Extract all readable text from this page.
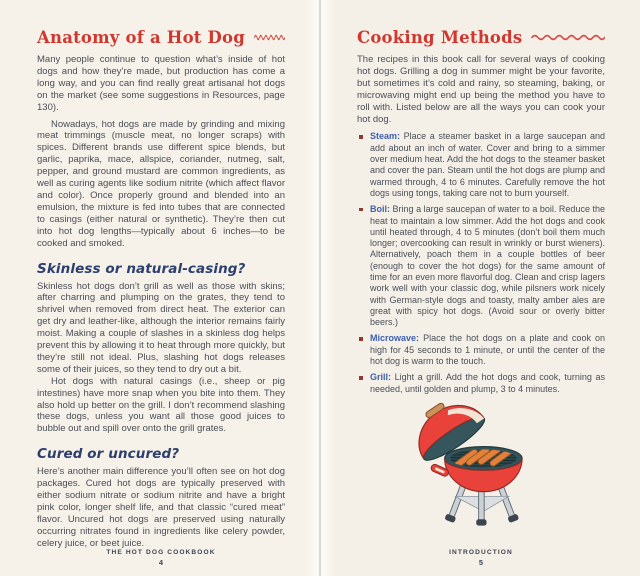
Anatomy of a Hot Dog

Many people continue to question what’s inside of hot dogs and how they’re made, but production has come a long way, and you can find really great artisanal hot dogs on the market (see some suggestions in Resources, page 130).

Nowadays, hot dogs are made by grinding and mixing meat trimmings (muscle meat, no longer scraps) with spices. Different brands use different spice blends, but garlic, paprika, mace, allspice, coriander, nutmeg, salt, pepper, and ground mustard are common ingredients, as well as curing agents like sodium nitrite (which affect flavor and color). Once properly ground and blended into an emulsion, the mixture is fed into tubes that are connected to casings (either natural or synthetic). They’re then cut into hot dog lengths—typically about 6 inches—to be cooked and smoked.

Skinless or natural-casing?

Skinless hot dogs don’t grill as well as those with skins; after charring and plumping on the grates, they tend to shrivel when removed from direct heat. The exterior can get dry and leather-like, although the interior remains fairly moist. Making a couple of slashes in a skinless dog helps prevent this by allowing it to heat through more quickly, but they’re still not ideal. Plus, slashing hot dogs releases some of their juices, so they tend to dry out a bit.

Hot dogs with natural casings (i.e., sheep or pig intestines) have more snap when you bite into them. They also hold up better on the grill. I don’t recommend slashing these dogs, unless you want all those good juices to bubble out and spill over onto the grill grates.

Cured or uncured?

Here’s another main difference you’ll often see on hot dog packages. Cured hot dogs are typically preserved with either sodium nitrate or sodium nitrite and have a bright pink color, longer shelf life, and that classic “cured meat” flavor. Uncured hot dogs are preserved using naturally occurring nitrates found in ingredients like celery powder, celery juice, or beet juice.

THE HOT DOG COOKBOOK
4
Cooking Methods

The recipes in this book call for several ways of cooking hot dogs. Grilling a dog in summer might be your favorite, but sometimes it’s cold and rainy, so steaming, baking, or microwaving might end up being the method you have to roll with. Listed below are all the ways you can cook your hot dog.

Steam: Place a steamer basket in a large saucepan and add about an inch of water. Cover and bring to a simmer over medium heat. Add the hot dogs to the steamer basket and cover the pan. Steam until the hot dogs are plump and warmed through, 4 to 6 minutes. Carefully remove the hot dogs using tongs, taking care not to burn yourself.
Boil: Bring a large saucepan of water to a boil. Reduce the heat to maintain a low simmer. Add the hot dogs and cook until heated through, 4 to 5 minutes (don’t boil them much longer; overcooking can result in wrinkly or burst wieners). Alternatively, poach them in a couple bottles of beer (enough to cover the hot dogs) for the same amount of time for an even more flavorful dog. Clean and crisp lagers work well with your classic dog, while pilsners work nicely with German-style dogs and toasty, malty amber ales are great with spicy hot dogs. (Avoid sour or overly bitter beers.)
Microwave: Place the hot dogs on a plate and cook on high for 45 seconds to 1 minute, or until the center of the hot dog is warm to the touch.
Grill: Light a grill. Add the hot dogs and cook, turning as needed, until golden and plump, 3 to 4 minutes.
INTRODUCTION
5
